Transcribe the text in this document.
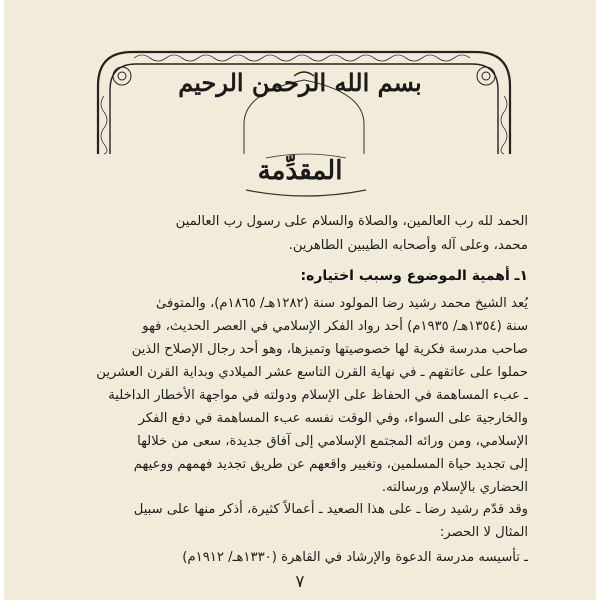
بسم الله الرحمن الرحيم
المقدِّمة
الحمد لله رب العالمين، والصلاة والسلام على رسول رب العالمين
محمد، وعلى آله وأصحابه الطيبين الطاهرين.
١ـ أهمية الموضوع وسبب اختياره:
يُعد الشيخ محمد رشيد رضا المولود سنة (١٢٨٢هـ/ ١٨٦٥م)، والمتوفىٰ
سنة (١٣٥٤هـ/ ١٩٣٥م) أحد رواد الفكر الإسلامي في العصر الحديث، فهو
صاحب مدرسة فكرية لها خصوصيتها وتميزها، وهو أحد رجال الإصلاح الذين
حملوا على عاتقهم ـ في نهاية القرن التاسع عشر الميلادي وبداية القرن العشرين
ـ عبء المساهمة في الحفاظ على الإسلام ودولته في مواجهة الأخطار الداخلية
والخارجية على السواء، وفي الوقت نفسه عبء المساهمة في دفع الفكر
الإسلامي، ومن ورائه المجتمع الإسلامي إلى آفاق جديدة، سعى من خلالها
إلى تجديد حياة المسلمين، وتغيير واقعهم عن طريق تجديد فهمهم ووعيهم
الحضاري بالإسلام ورسالته.
وقد قدّم رشيد رضا ـ على هذا الصعيد ـ أعمالاً كثيرة، أذكر منها على سبيل
المثال لا الحصر:
ـ تأسيسه مدرسة الدعوة والإرشاد في القاهرة (١٣٣٠هـ/ ١٩١٢م)
٧
